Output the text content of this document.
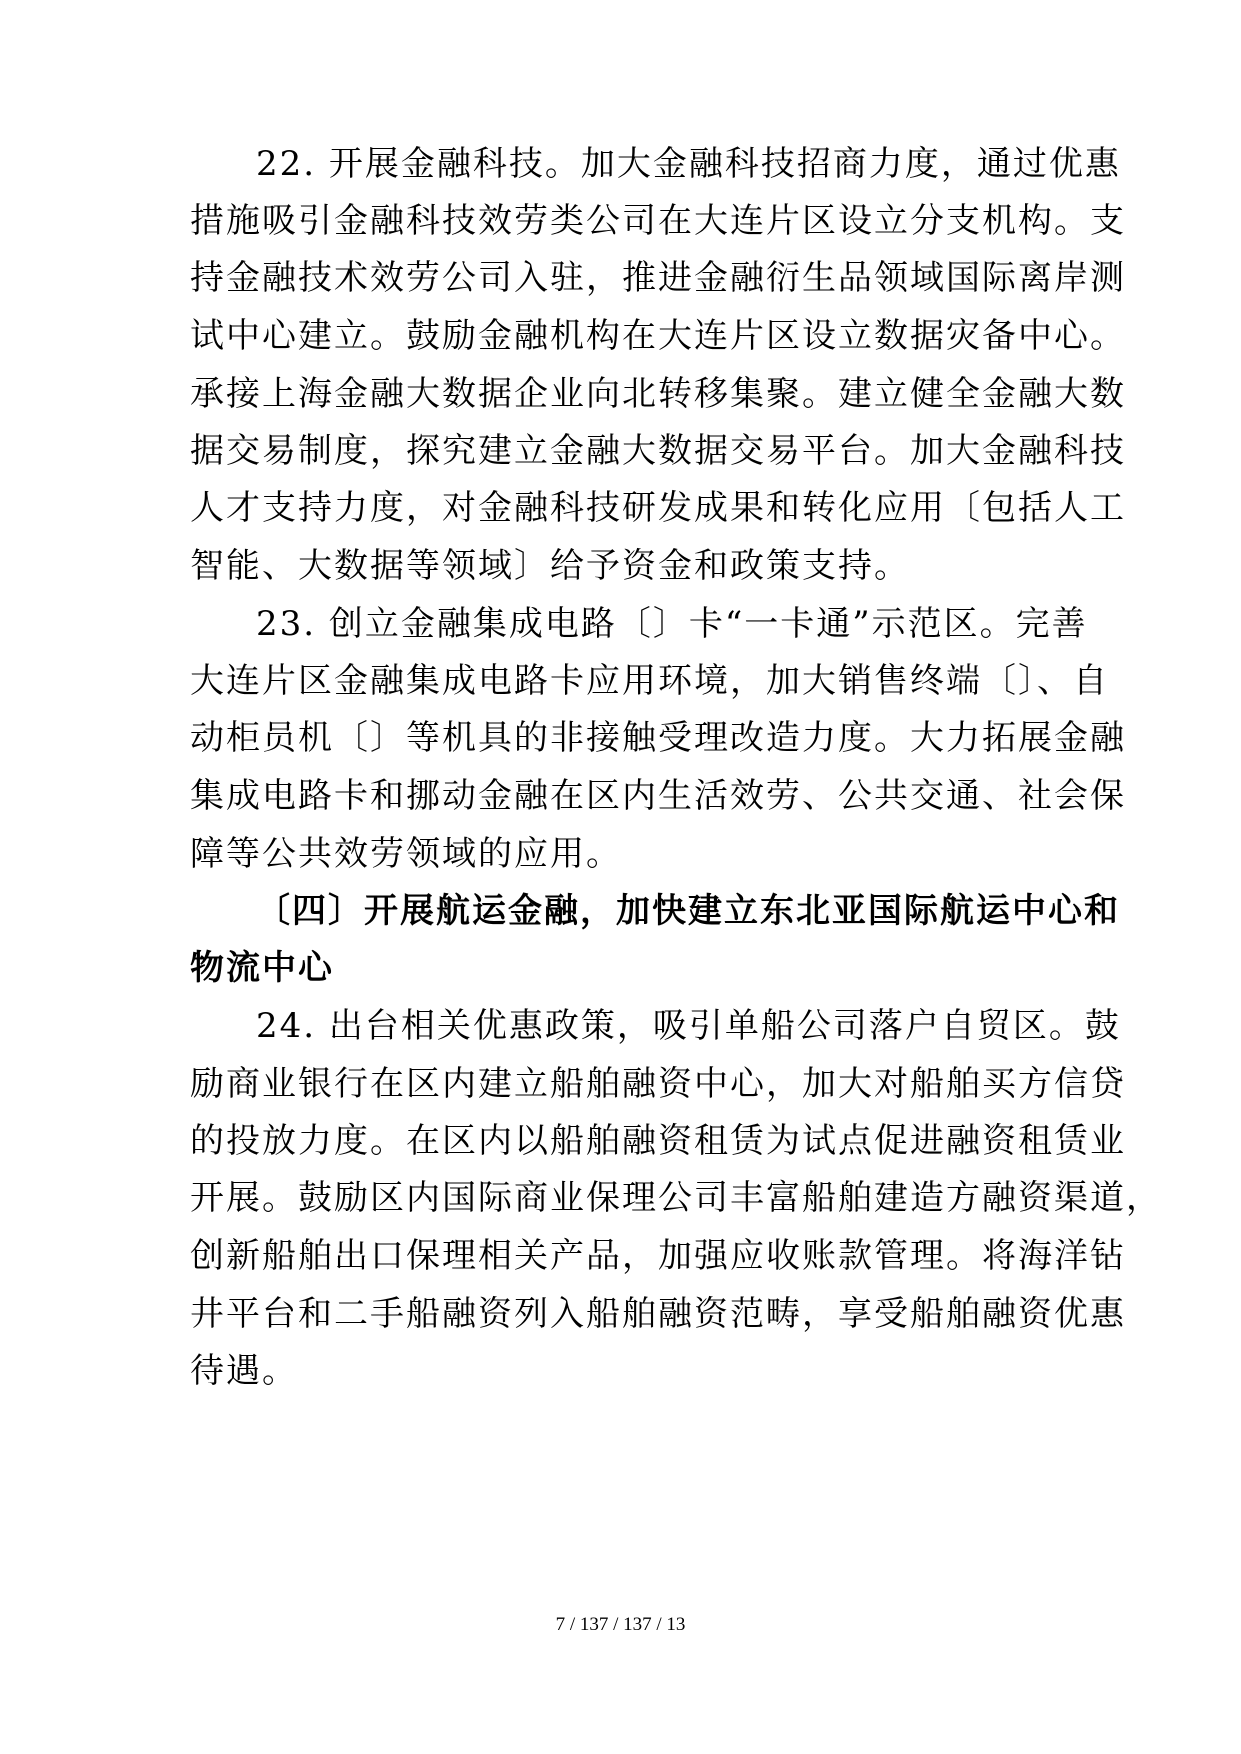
22. 开展金融科技。加大金融科技招商力度，通过优惠
措施吸引金融科技效劳类公司在大连片区设立分支机构。支
持金融技术效劳公司入驻，推进金融衍生品领域国际离岸测
试中心建立。鼓励金融机构在大连片区设立数据灾备中心。
承接上海金融大数据企业向北转移集聚。建立健全金融大数
据交易制度，探究建立金融大数据交易平台。加大金融科技
人才支持力度，对金融科技研发成果和转化应用〔包括人工
智能、大数据等领域〕给予资金和政策支持。
23. 创立金融集成电路〔〕卡“一卡通”示范区。完善
大连片区金融集成电路卡应用环境，加大销售终端〔〕、自
动柜员机〔〕等机具的非接触受理改造力度。大力拓展金融
集成电路卡和挪动金融在区内生活效劳、公共交通、社会保
障等公共效劳领域的应用。
〔四〕开展航运金融，加快建立东北亚国际航运中心和
物流中心
24. 出台相关优惠政策，吸引单船公司落户自贸区。鼓
励商业银行在区内建立船舶融资中心，加大对船舶买方信贷
的投放力度。在区内以船舶融资租赁为试点促进融资租赁业
开展。鼓励区内国际商业保理公司丰富船舶建造方融资渠道，
创新船舶出口保理相关产品，加强应收账款管理。将海洋钻
井平台和二手船融资列入船舶融资范畴，享受船舶融资优惠
待遇。
7 / 137 / 137 / 13
